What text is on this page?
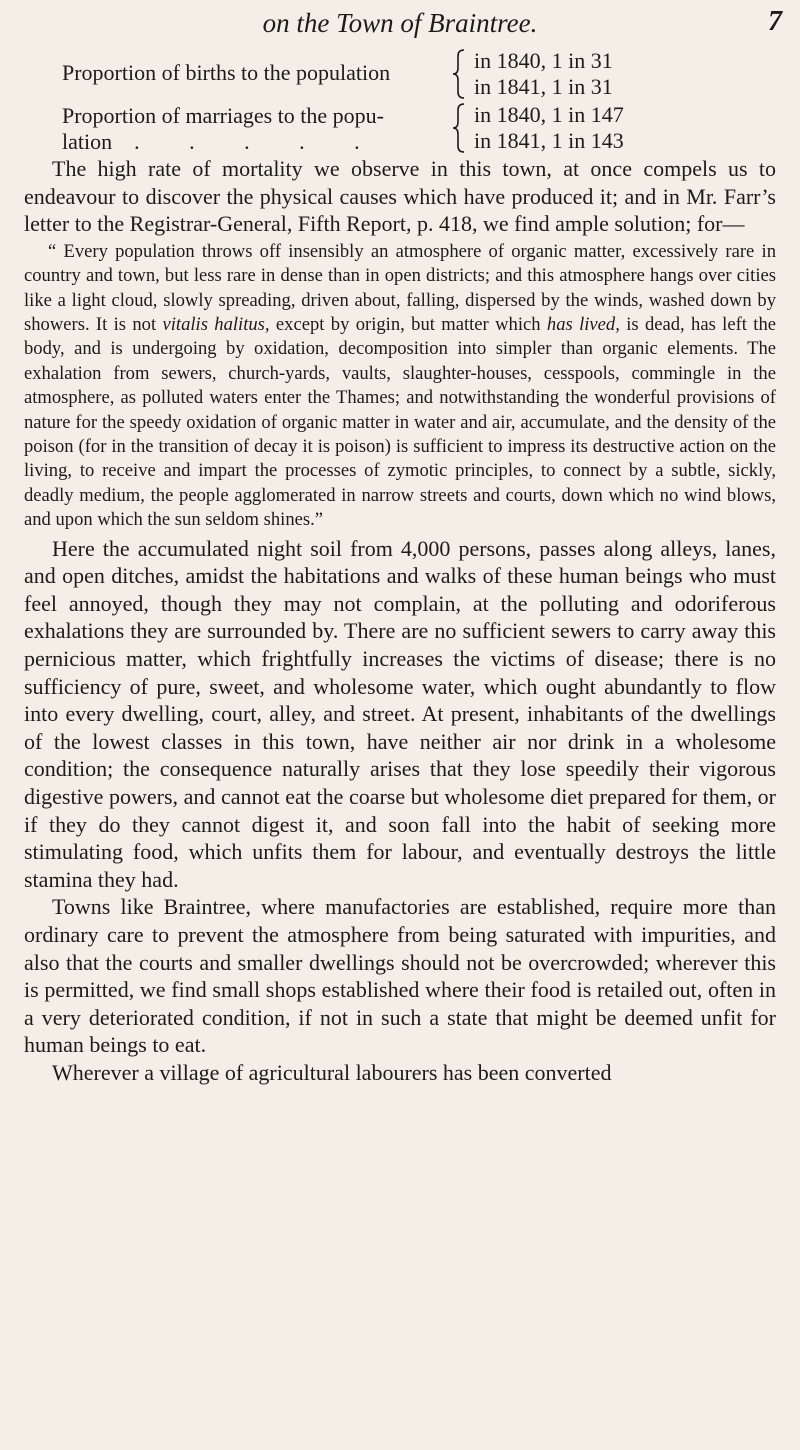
on the Town of Braintree.	7
Proportion of births to the population	in 1840, 1 in 31
in 1841, 1 in 31
Proportion of marriages to the popu-
lation . . . . .
in 1840, 1 in 147
in 1841, 1 in 143

The high rate of mortality we observe in this town, at once compels us to endeavour to discover the physical causes which have produced it; and in Mr. Farr’s letter to the Registrar-General, Fifth Report, p. 418, we find ample solution; for—

“ Every population throws off insensibly an atmosphere of organic matter, excessively rare in country and town, but less rare in dense than in open districts; and this atmosphere hangs over cities like a light cloud, slowly spreading, driven about, falling, dispersed by the winds, washed down by showers. It is not vitalis halitus, except by origin, but matter which has lived, is dead, has left the body, and is undergoing by oxidation, decomposition into simpler than organic elements. The exhalation from sewers, church-yards, vaults, slaughter-houses, cesspools, commingle in the atmosphere, as polluted waters enter the Thames; and notwithstanding the wonderful provisions of nature for the speedy oxidation of organic matter in water and air, accumulate, and the density of the poison (for in the transition of decay it is poison) is sufficient to impress its destructive action on the living, to receive and impart the processes of zymotic principles, to connect by a subtle, sickly, deadly medium, the people agglomerated in narrow streets and courts, down which no wind blows, and upon which the sun seldom shines.”

Here the accumulated night soil from 4,000 persons, passes along alleys, lanes, and open ditches, amidst the habitations and walks of these human beings who must feel annoyed, though they may not complain, at the polluting and odoriferous exhalations they are surrounded by. There are no sufficient sewers to carry away this pernicious matter, which frightfully increases the victims of disease; there is no sufficiency of pure, sweet, and wholesome water, which ought abundantly to flow into every dwelling, court, alley, and street. At present, inhabitants of the dwellings of the lowest classes in this town, have neither air nor drink in a wholesome condition; the consequence naturally arises that they lose speedily their vigorous digestive powers, and cannot eat the coarse but wholesome diet prepared for them, or if they do they cannot digest it, and soon fall into the habit of seeking more stimulating food, which unfits them for labour, and eventually destroys the little stamina they had.

Towns like Braintree, where manufactories are established, require more than ordinary care to prevent the atmosphere from being saturated with impurities, and also that the courts and smaller dwellings should not be overcrowded; wherever this is permitted, we find small shops established where their food is retailed out, often in a very deteriorated condition, if not in such a state that might be deemed unfit for human beings to eat.

Wherever a village of agricultural labourers has been converted
